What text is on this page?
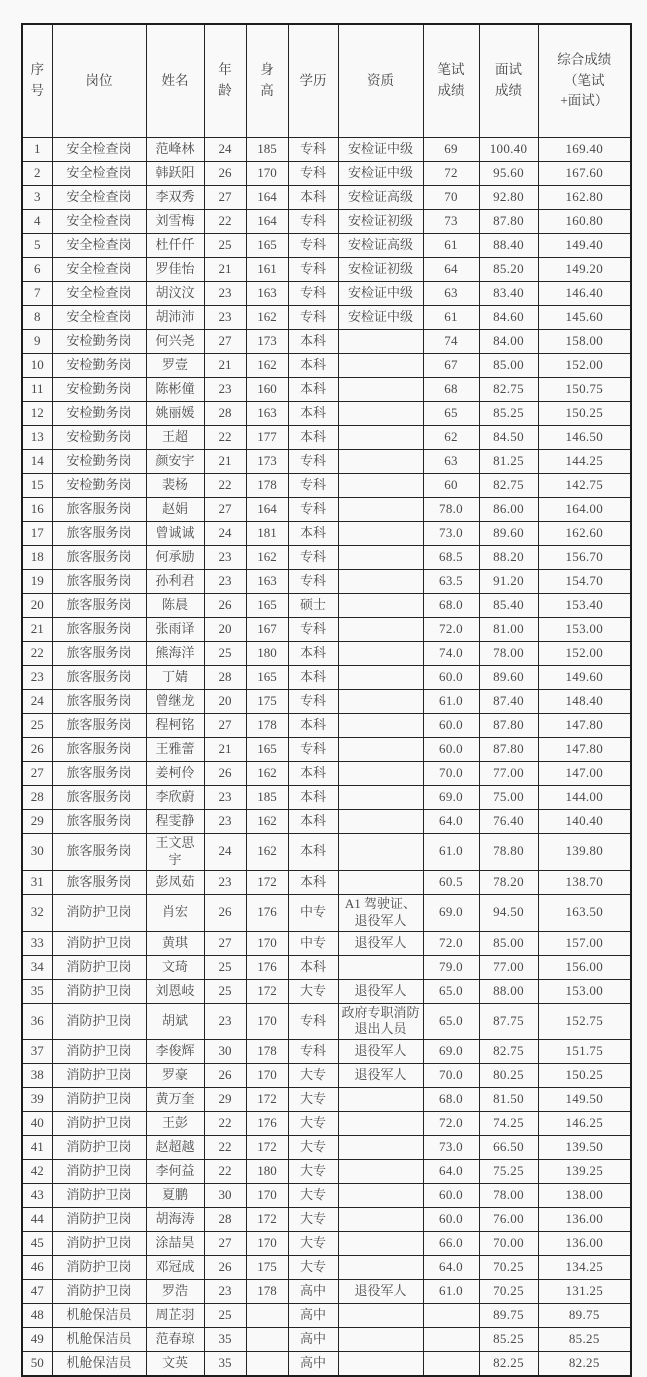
序号	岗位	姓名	年龄	身高	学历	资质	笔试成绩	面试成绩	综合成绩（笔试+面试）

1	安全检查岗	范峰林	24	185	专科	安检证中级	69	100.40	169.40
2	安全检查岗	韩跃阳	26	170	专科	安检证中级	72	95.60	167.60
3	安全检查岗	李双秀	27	164	本科	安检证高级	70	92.80	162.80
4	安全检查岗	刘雪梅	22	164	专科	安检证初级	73	87.80	160.80
5	安全检查岗	杜仟仟	25	165	专科	安检证高级	61	88.40	149.40
6	安全检查岗	罗佳怡	21	161	专科	安检证初级	64	85.20	149.20
7	安全检查岗	胡汶汶	23	163	专科	安检证中级	63	83.40	146.40
8	安全检查岗	胡沛沛	23	162	专科	安检证中级	61	84.60	145.60
9	安检勤务岗	何兴尧	27	173	本科		74	84.00	158.00
10	安检勤务岗	罗壹	21	162	本科		67	85.00	152.00
11	安检勤务岗	陈彬僮	23	160	本科		68	82.75	150.75
12	安检勤务岗	姚丽媛	28	163	本科		65	85.25	150.25
13	安检勤务岗	王超	22	177	本科		62	84.50	146.50
14	安检勤务岗	颜安宇	21	173	专科		63	81.25	144.25
15	安检勤务岗	裴杨	22	178	专科		60	82.75	142.75
16	旅客服务岗	赵娟	27	164	专科		78.0	86.00	164.00
17	旅客服务岗	曾诚诚	24	181	本科		73.0	89.60	162.60
18	旅客服务岗	何承励	23	162	专科		68.5	88.20	156.70
19	旅客服务岗	孙利君	23	163	专科		63.5	91.20	154.70
20	旅客服务岗	陈晨	26	165	硕士		68.0	85.40	153.40
21	旅客服务岗	张雨译	20	167	专科		72.0	81.00	153.00
22	旅客服务岗	熊海洋	25	180	本科		74.0	78.00	152.00
23	旅客服务岗	丁婧	28	165	本科		60.0	89.60	149.60
24	旅客服务岗	曾继龙	20	175	专科		61.0	87.40	148.40
25	旅客服务岗	程柯铭	27	178	本科		60.0	87.80	147.80
26	旅客服务岗	王雅蕾	21	165	专科		60.0	87.80	147.80
27	旅客服务岗	姜柯伶	26	162	本科		70.0	77.00	147.00
28	旅客服务岗	李欣蔚	23	185	本科		69.0	75.00	144.00
29	旅客服务岗	程雯静	23	162	本科		64.0	76.40	140.40
30	旅客服务岗	王文思宇	24	162	本科		61.0	78.80	139.80
31	旅客服务岗	彭凤茹	23	172	本科		60.5	78.20	138.70
32	消防护卫岗	肖宏	26	176	中专	A1 驾驶证、退役军人	69.0	94.50	163.50
33	消防护卫岗	黄琪	27	170	中专	退役军人	72.0	85.00	157.00
34	消防护卫岗	文琦	25	176	本科		79.0	77.00	156.00
35	消防护卫岗	刘恩岐	25	172	大专	退役军人	65.0	88.00	153.00
36	消防护卫岗	胡斌	23	170	专科	政府专职消防退出人员	65.0	87.75	152.75
37	消防护卫岗	李俊辉	30	178	专科	退役军人	69.0	82.75	151.75
38	消防护卫岗	罗豪	26	170	大专	退役军人	70.0	80.25	150.25
39	消防护卫岗	黄万奎	29	172	大专		68.0	81.50	149.50
40	消防护卫岗	王彭	22	176	大专		72.0	74.25	146.25
41	消防护卫岗	赵超越	22	172	大专		73.0	66.50	139.50
42	消防护卫岗	李何益	22	180	大专		64.0	75.25	139.25
43	消防护卫岗	夏鹏	30	170	大专		60.0	78.00	138.00
44	消防护卫岗	胡海涛	28	172	大专		60.0	76.00	136.00
45	消防护卫岗	涂喆昊	27	170	大专		66.0	70.00	136.00
46	消防护卫岗	邓冠成	26	175	大专		64.0	70.25	134.25
47	消防护卫岗	罗浩	23	178	高中	退役军人	61.0	70.25	131.25
48	机舱保洁员	周芷羽	25		高中			89.75	89.75
49	机舱保洁员	范春琼	35		高中			85.25	85.25
50	机舱保洁员	文英	35		高中			82.25	82.25
